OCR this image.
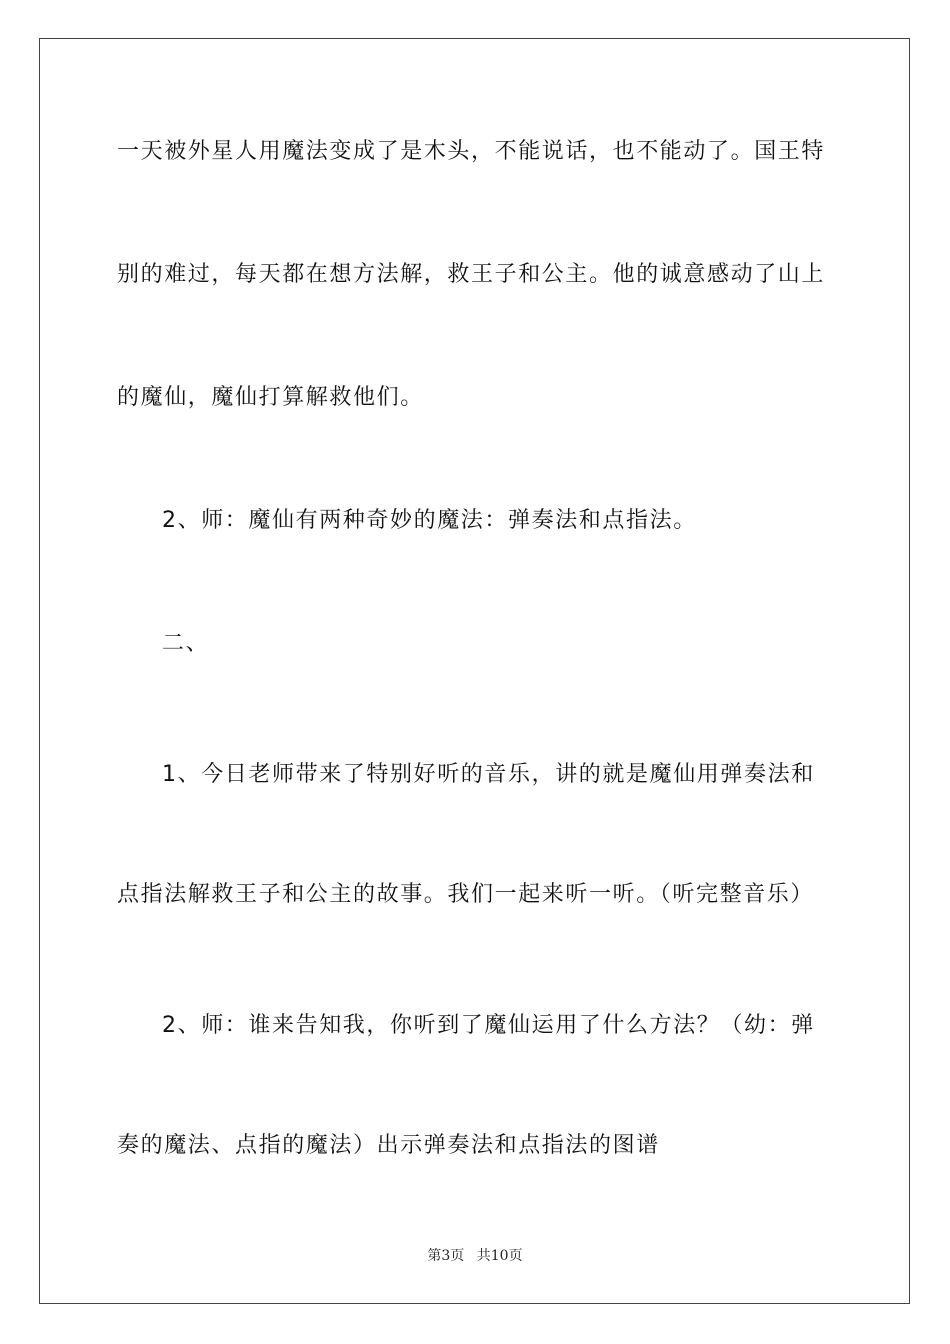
一天被外星人用魔法变成了是木头，不能说话，也不能动了。国王特
别的难过，每天都在想方法解，救王子和公主。他的诚意感动了山上
的魔仙，魔仙打算解救他们。
2、师：魔仙有两种奇妙的魔法：弹奏法和点指法。
二、
1、今日老师带来了特别好听的音乐，讲的就是魔仙用弹奏法和
点指法解救王子和公主的故事。我们一起来听一听。（听完整音乐）
2、师：谁来告知我，你听到了魔仙运用了什么方法？（幼：弹
奏的魔法、点指的魔法）出示弹奏法和点指法的图谱
第3页 共10页
